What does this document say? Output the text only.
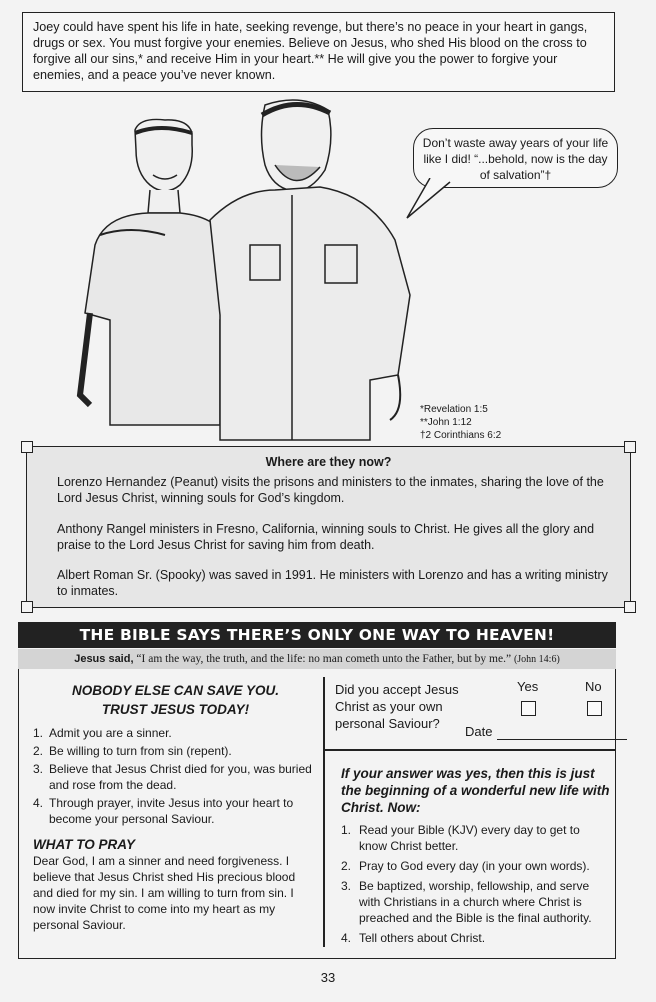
Joey could have spent his life in hate, seeking revenge, but there’s no peace in your heart in gangs, drugs or sex. You must forgive your enemies. Believe on Jesus, who shed His blood on the cross to forgive all our sins,* and receive Him in your heart.** He will give you the power to forgive your enemies, and a peace you’ve never known.
Don’t waste away years of your life like I did! “...behold, now is the day of salvation”†
*Revelation 1:5
**John 1:12
†2 Corinthians 6:2
Where are they now?

Lorenzo Hernandez (Peanut) visits the prisons and ministers to the inmates, sharing the love of the Lord Jesus Christ, winning souls for God’s kingdom.

Anthony Rangel ministers in Fresno, California, winning souls to Christ. He gives all the glory and praise to the Lord Jesus Christ for saving him from death.

Albert Roman Sr. (Spooky) was saved in 1991. He ministers with Lorenzo and has a writing ministry to inmates.

THE BIBLE SAYS THERE’S ONLY ONE WAY TO HEAVEN!
Jesus said, “I am the way, the truth, and the life: no man cometh unto the Father, but by me.” (John 14:6)
NOBODY ELSE CAN SAVE YOU.
TRUST JESUS TODAY!
1. Admit you are a sinner.
2. Be willing to turn from sin (repent).
3. Believe that Jesus Christ died for you, was buried and rose from the dead.
4. Through prayer, invite Jesus into your heart to become your personal Saviour.
WHAT TO PRAY
Dear God, I am a sinner and need forgiveness. I believe that Jesus Christ shed His precious blood and died for my sin. I am willing to turn from sin. I now invite Christ to come into my heart as my personal Saviour.
Did you accept Jesus Christ as your own personal Saviour?
Yes	No
Date
If your answer was yes, then this is just the beginning of a wonderful new life with Christ. Now:
1. Read your Bible (KJV) every day to get to know Christ better.
2. Pray to God every day (in your own words).
3. Be baptized, worship, fellowship, and serve with Christians in a church where Christ is preached and the Bible is the final authority.
4. Tell others about Christ.
33
